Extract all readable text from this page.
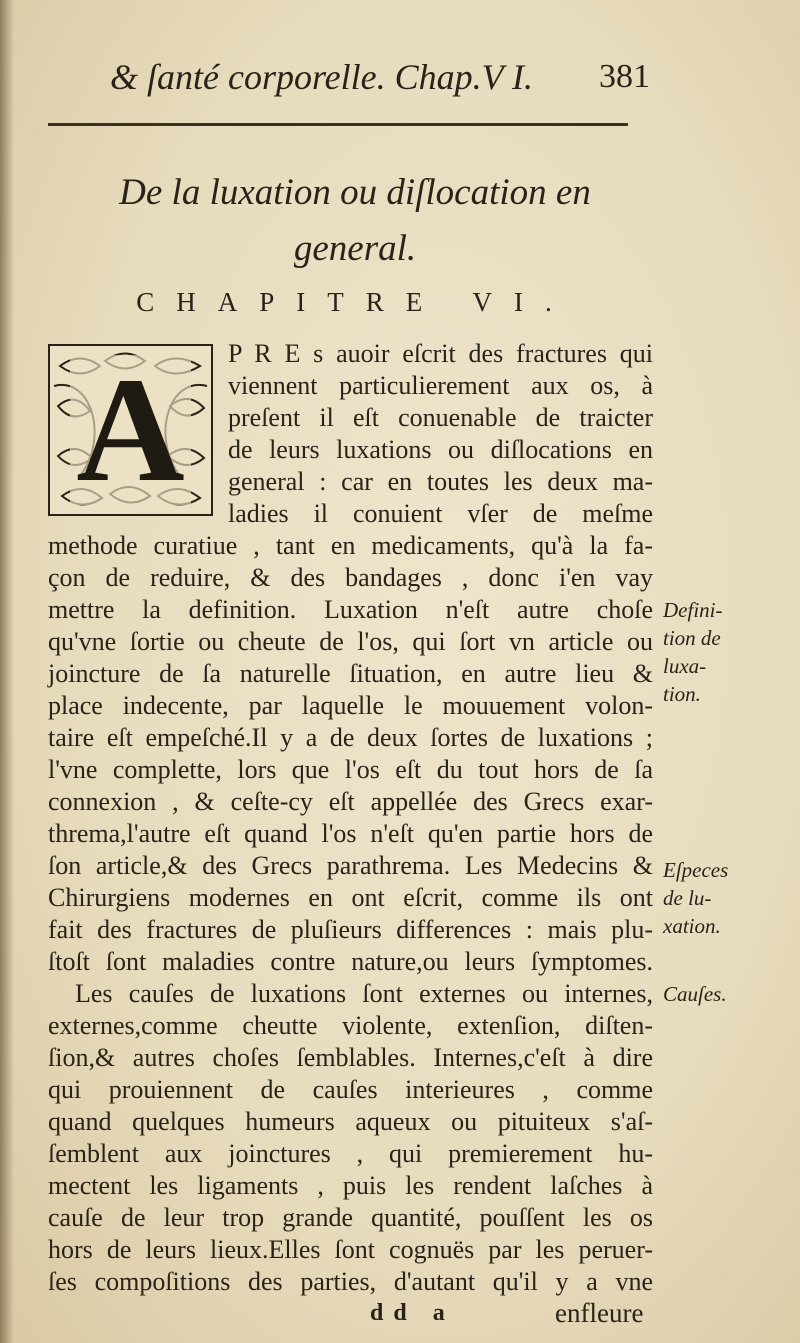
& ſanté corporelle. Chap.V I. 381
De la luxation ou diſlocation en
general.
CHAPITRE VI.
A P R E s auoir eſcrit des fractures qui
viennent particulierement aux os, à
preſent il eſt conuenable de traicter
de leurs luxations ou diſlocations en
general : car en toutes les deux ma-
ladies il conuient vſer de meſme
methode curatiue , tant en medicaments, qu'à la fa-
çon de reduire, & des bandages , donc i'en vay
mettre la definition. Luxation n'eſt autre choſe
qu'vne ſortie ou cheute de l'os, qui ſort vn article ou
joincture de ſa naturelle ſituation, en autre lieu &
place indecente, par laquelle le mouuement volon-
taire eſt empeſché.Il y a de deux ſortes de luxations ;
l'vne complette, lors que l'os eſt du tout hors de ſa
connexion , & ceſte-cy eſt appellée des Grecs exar-
threma,l'autre eſt quand l'os n'eſt qu'en partie hors de
ſon article,& des Grecs parathrema. Les Medecins &
Chirurgiens modernes en ont eſcrit, comme ils ont
fait des fractures de pluſieurs differences : mais plu-
ſtoſt ſont maladies contre nature,ou leurs ſymptomes.
Les cauſes de luxations ſont externes ou internes,
externes,comme cheutte violente, extenſion, diſten-
ſion,& autres choſes ſemblables. Internes,c'eſt à dire
qui prouiennent de cauſes interieures , comme
quand quelques humeurs aqueux ou pituiteux s'aſ-
ſemblent aux joinctures , qui premierement hu-
mectent les ligaments , puis les rendent laſches à
cauſe de leur trop grande quantité, pouſſent les os
hors de leurs lieux.Elles ſont cognuës par les peruer-
ſes compoſitions des parties, d'autant qu'il y a vne
Defini-
tion de
luxa-
tion.
Eſpeces
de lu-
xation.
Cauſes.
dd a	enfleure
